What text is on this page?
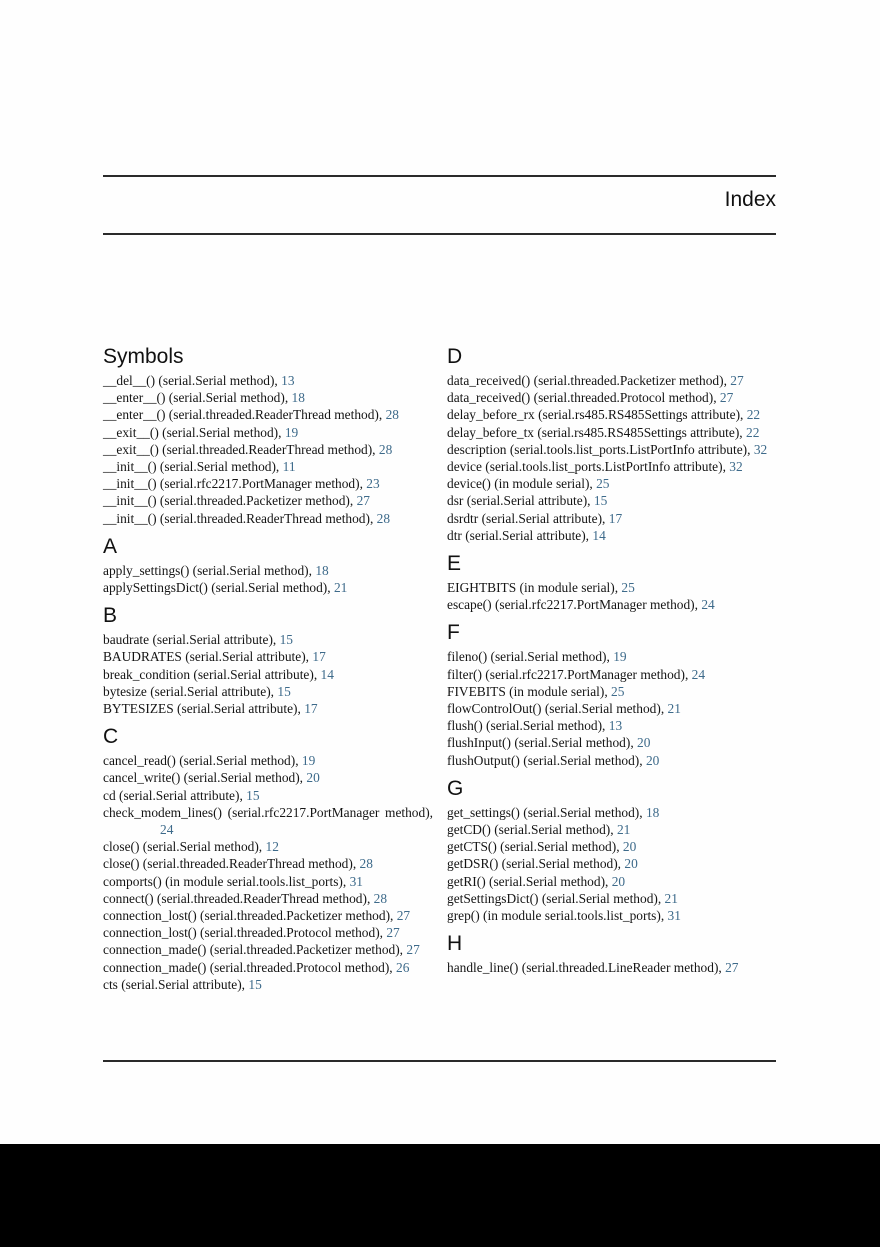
Index
Symbols
__del__() (serial.Serial method), 13
__enter__() (serial.Serial method), 18
__enter__() (serial.threaded.ReaderThread method), 28
__exit__() (serial.Serial method), 19
__exit__() (serial.threaded.ReaderThread method), 28
__init__() (serial.Serial method), 11
__init__() (serial.rfc2217.PortManager method), 23
__init__() (serial.threaded.Packetizer method), 27
__init__() (serial.threaded.ReaderThread method), 28
A
apply_settings() (serial.Serial method), 18
applySettingsDict() (serial.Serial method), 21
B
baudrate (serial.Serial attribute), 15
BAUDRATES (serial.Serial attribute), 17
break_condition (serial.Serial attribute), 14
bytesize (serial.Serial attribute), 15
BYTESIZES (serial.Serial attribute), 17
C
cancel_read() (serial.Serial method), 19
cancel_write() (serial.Serial method), 20
cd (serial.Serial attribute), 15
check_modem_lines() (serial.rfc2217.PortManager method), 24
close() (serial.Serial method), 12
close() (serial.threaded.ReaderThread method), 28
comports() (in module serial.tools.list_ports), 31
connect() (serial.threaded.ReaderThread method), 28
connection_lost() (serial.threaded.Packetizer method), 27
connection_lost() (serial.threaded.Protocol method), 27
connection_made() (serial.threaded.Packetizer method), 27
connection_made() (serial.threaded.Protocol method), 26
cts (serial.Serial attribute), 15
D
data_received() (serial.threaded.Packetizer method), 27
data_received() (serial.threaded.Protocol method), 27
delay_before_rx (serial.rs485.RS485Settings attribute), 22
delay_before_tx (serial.rs485.RS485Settings attribute), 22
description (serial.tools.list_ports.ListPortInfo attribute), 32
device (serial.tools.list_ports.ListPortInfo attribute), 32
device() (in module serial), 25
dsr (serial.Serial attribute), 15
dsrdtr (serial.Serial attribute), 17
dtr (serial.Serial attribute), 14
E
EIGHTBITS (in module serial), 25
escape() (serial.rfc2217.PortManager method), 24
F
fileno() (serial.Serial method), 19
filter() (serial.rfc2217.PortManager method), 24
FIVEBITS (in module serial), 25
flowControlOut() (serial.Serial method), 21
flush() (serial.Serial method), 13
flushInput() (serial.Serial method), 20
flushOutput() (serial.Serial method), 20
G
get_settings() (serial.Serial method), 18
getCD() (serial.Serial method), 21
getCTS() (serial.Serial method), 20
getDSR() (serial.Serial method), 20
getRI() (serial.Serial method), 20
getSettingsDict() (serial.Serial method), 21
grep() (in module serial.tools.list_ports), 31
H
handle_line() (serial.threaded.LineReader method), 27
